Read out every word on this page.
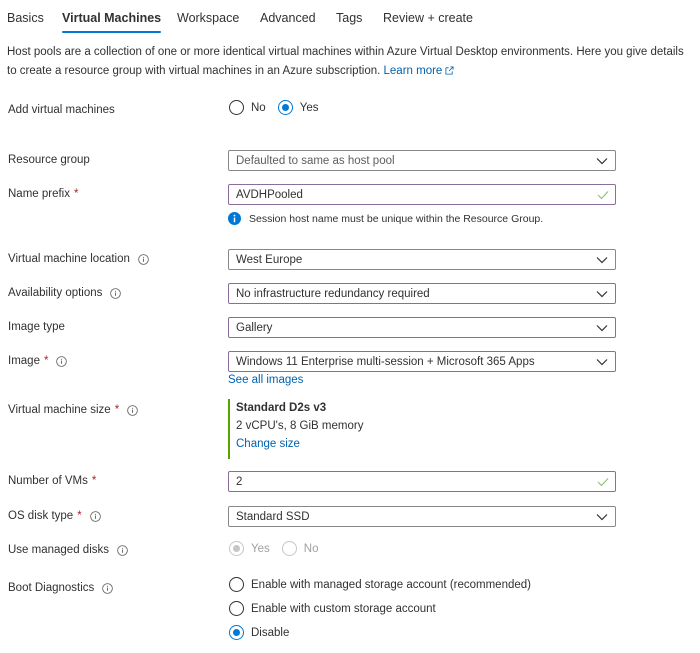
Basics Virtual Machines Workspace Advanced Tags Review + create
Host pools are a collection of one or more identical virtual machines within Azure Virtual Desktop environments. Here you give details to create a resource group with virtual machines in an Azure subscription. Learn more
Add virtual machines	No	Yes
Resource group	Defaulted to same as host pool
Name prefix *	AVDHPooled
Session host name must be unique within the Resource Group.
Virtual machine location	West Europe
Availability options	No infrastructure redundancy required
Image type	Gallery
Image *	Windows 11 Enterprise multi-session + Microsoft 365 Apps
See all images
Virtual machine size *	Standard D2s v3
2 vCPU's, 8 GiB memory
Change size
Number of VMs *	2
OS disk type *	Standard SSD
Use managed disks	Yes	No
Boot Diagnostics	Enable with managed storage account (recommended)
Enable with custom storage account
Disable
